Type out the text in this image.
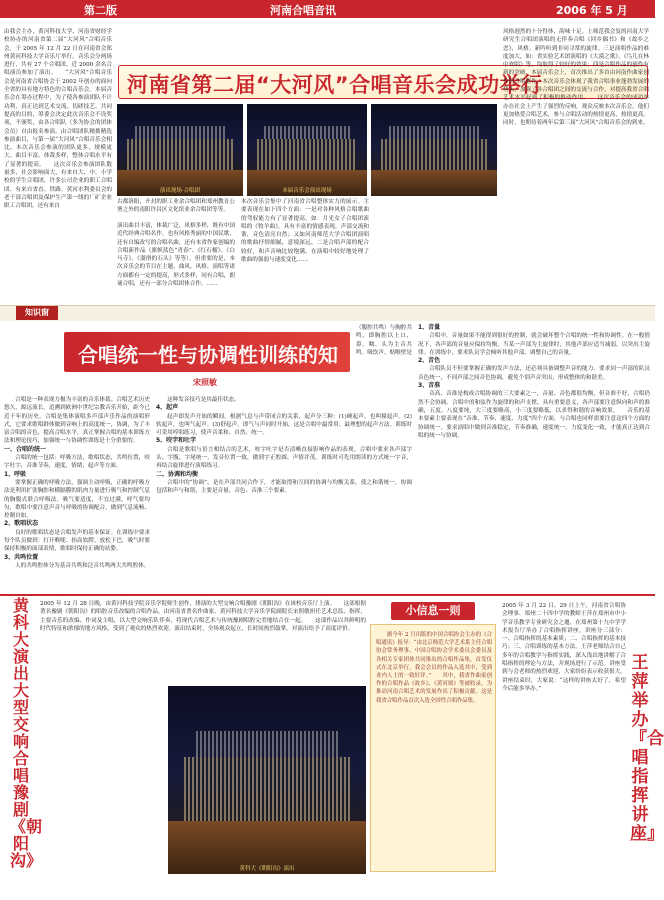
第二版	河南合唱音讯	2006 年 5 月
由我会主办，黄河科技大学、河南省财经学校协办的河南省第二届“大河风”合唱音乐会，于 2005 年 12 月 22 日在河南省会郑州黄河科技大学音乐厅举行。音乐会分两场进行，共有 27 个合唱团、近 2000 余名合唱演员参加了演出。　　“大河风”合唱音乐会是河南省合唱协会于 2002 年创办的面向全省的具有地方特色的合唱音乐会。本届音乐会在筹办过程中，为了使各参演团队不计功利，真正达到艺术交流、切磋技艺、共同提高的目的，筹委会决定此次音乐会不设奖项，不颁奖，由各合唱队（多为协会的团体会员）自由报名参演。由合唱团队精挑精选参演曲目，与第一届“大河风”合唱音乐会相比，本次音乐会参演的团队更多、规模更大、曲目丰富、体裁多样，整体合唱水平有了显著的提高。　　这次音乐会参演团队数量多，社会影响面大，有来自大、中、小学校的学生合唱团，许多公司企业的职工合唱团、有来自省直、铁路、黄河水利委员会的老干部合唱团及保护生产第一线的厂矿企业职工合唱团，还有来自
河南省第二届“大河风”合唱音乐会成功举行
演出现场·合唱团	本届音乐会演出现场
古都洛阳，开封的职工业余合唱团和郑州教育公署之外的南阳许昌区文化馆业余合唱团等等。
演出曲目丰富，体裁广泛，风格多样，既有中国近代经典合唱名作，也有风格秀丽的中国民歌，还有自编改写的合唱名曲，还有本省作家创编的合唱新作品（旗帜蓝色“青春”、《红石榴》、《白马寺》、《溜滑的石头》等等）。但重要的是，本次音乐会的节目在主题、曲风、风格、演唱等诸方面都有一定的提高，形式多样，同有合唱，朗诵合唱，还有一部分合唱团体合作，……
本次音乐会集中了河南省合唱整体实力的展示。主要表现在如下四个方面：一是对各种风格合唱歌曲的驾驭能力有了显著提高，如：月光女子合唱团演唱的《牧羊曲》，具有丰富的情感表现，声部交流和谐，音色清亮自然；又如河南师范大学合唱团演唱的歌曲抒情细腻，意境深远，二是合唱声部的配合较好，和声音响比较饱满，在演唱中较好地处理了歌曲的强弱与速度变化……
风格迥然的十分得体，韵味十足。上师范我会复的河南大学研究生合唱团演唱的无伴奏合唱《回乡偶书》和《故乡之恋》，风格。新吟听到非同寻常的旋律。三是演唱作品的难度加大，如：省实验艺术团演唱的《大漠之歌》、《鸟儿在林中欢唱》等，均取得了较好的效果；四是合唱作品的创作有新的突破，本届音乐会上，首次推出了多首由河南作曲家创作的合唱新作。本次音乐会体现了我省合唱事业蓬勃发展的势头，加强了各合唱团之间的交流与合作，对提高我省合唱艺术水平起到了积极的推动作用。　　这次音乐会的成功举办在社会上产生了强烈的反响，观众反映本次音乐会，他们更加热爱合唱艺术，参与合唱活动的热情更高，热情更高。同时，也期待着两年后第三届“大河风”合唱音乐会的到来。
知识窗
合唱统一性与协调性训练的知识	宋照敏
（腹腔共鸣）与胸腔共鸣，即胸腔以上口、鼻、咽、头为主音共鸣。吸饮声、贴喉壁是

合唱是一种表现力极为丰富的音乐体裁。合唱艺术历史悠久，源远流长，追溯到欧洲中世纪宗教音乐开始，距今已近千年的历史。合唱是集体演唱多声部声乐作品的演唱形式，它要求歌唱群体做到音响上的高度统一，协调，为了丰富合唱的音色，提高合唱水平，真正掌握合唱的基本训练方法和理论技巧，加强统一与协调性训练是十分重要的。

一、合唱的统一

合唱的统一包括：呼吸方法，歌唱状态，共鸣位置，咬字吐字，音准节奏，速度，情绪，起声等方面。

1、呼吸

要掌握正确的呼吸方法，强调主动呼吸，正确的呼吸方法是利用扩张胸腔和横膈膜的肌肉力量进行吸气和控制气息的胸腹式联合呼吸法。吸气要适度，不宜过满，呼气要均匀，歌唱中要注意声音与呼吸的协调配合，做到气息流畅、控制自如。

2、歌唱状态

良好的歌唱状态是合唱发声的基本保证。在训练中要求每个队员做到：打开喉咙、抬高软腭、放松下巴，吸气时要保持积极的面部表情，歌唱时保持正确的站姿。

3、共鸣位置

人的共鸣腔体分为基音共鸣和泛音共鸣两大共鸣腔体。

这种发音技巧是其最佳状态。

4、起声

起声即发声开始的瞬间。根据气息与声带闭合的关系，起声分三种：(1)硬起声，也叫撞起声。(2)软起声，也叫气起声。(3)舒起声。即气与声同时开始，这是合唱中最常用、最理想的起声方法。训练时可采用哼唱练习，使声音柔和、自然、统一。

5、咬字和吐字

合唱是歌唱与语言相结合的艺术，咬字吐字是否清晰直接影响作品的表现。合唱中要求各声部字头、字腹、字尾统一，发音位置一致，做到字正腔圆、声情并茂。训练时可先用朗读的方式统一字音，再结合旋律进行演唱练习。

二、协调和均衡

合唱中的“协调”，是在声部共同合作下，才能取得和互间的协调与均衡关系，使之和谐统一，协调包括和声与和谐，主要是音量、音色、音准三个要素。

1、音量

合唱中，音量如果不能得到很好的控制，就会破坏整个合唱的统一性和协调性。在一般情况下，各声部的音量应保持均衡，当某一声部为主旋律时，其他声部应适当减弱，以突出主旋律。在训练中，要求队员学会倾听其他声部，调整自己的音量。

2、音色

合唱队员不但要掌握正确的发声方法，还必须具备调整声音的能力。要求同一声部的队员音色统一，不同声部之间音色协调，避免个别声音突出，形成整体的和谐美。

3、音准

音高、音准是构成合唱协调的三大要素之一，音量、音色都很均衡，但音准不好，合唱仍然不会协调。合唱中的和弦作为旋律的和声支撑，具有重要意义，各声部要注意纵向和声的准确，五度、八度要纯，大三度要略高，小三度要略低，以求得和谐的音响效果。　　音乐的基本要素主要表现在“音准、节奏、速度、力度”四个方面，与合唱也同样需要注意这四个方面的协调统一。要求演唱中做到音准稳定，节奏准确，速度统一，力度变化一致，才能真正达到合唱的统一与协调。

黄科大演出大型交响合唱豫剧《朝阳沟》
2005 年 12 月 28 日晚，由黄河科技学院音乐学院师生创作，排演的大型交响合唱豫剧《朝阳沟》在该校音乐厅上演。　　这部根据著名豫剧《朝阳沟》的唱腔音乐改编的合唱作品，由河南省著名作曲家、黄河科技大学音乐学院副院长宋照敏担任艺术总监、指挥，主要音乐的改编、作词及主唱，以大型交响乐队伴奏，将现代合唱艺术与传统豫剧唱腔完美地结合在一起。　　这部作品以其鲜明的时代特征和浓郁的地方风格，受到了观众的热烈欢迎。演出结束时，全场观众起立，长时间热烈鼓掌，对演出给予了高度评价。
黄科大《朝阳沟》演出
小信息一则
　　据今年 2 月出版的中国合唱协会主办的《合唱通讯》报导：“由北京师范大学艺术系主任合唱协会常务理事、中国合唱协会学术委员会委员及各相关专家团体共同推出的合唱作品集，首发仪式在北京举行，我会会员的作品入选其中，受到业内人士的一致好评。”　　其中，我省作曲家创作的合唱作品《故乡》、《黄河颂》等被收录，为推动河南合唱艺术的发展作出了积极贡献。这是我省合唱作品首次入选全国性合唱作品集。
2005 年 3 月 22 日、29 日上午，河南省合唱协会理事、郑州二十四中学的教师王萍在郑州市中小学音乐教学专业研究会之邀，在郑州第十九中学学术报告厅举办了合唱指挥讲座，讲座分三部分：一、合唱指挥的基本素质；二、合唱指挥的基本技巧；三、合唱训练的基本方法。王萍老师结合自己多年的合唱教学与指挥实践，深入浅出地讲解了合唱指挥的理论与方法，并现场进行了示范。讲座受到与会老师的热烈欢迎，大家纷纷表示收获很大。讲座结束时，大家说：“这样的讲座太好了，希望今后能多举办。”
王萍举办『合唱指挥讲座』
